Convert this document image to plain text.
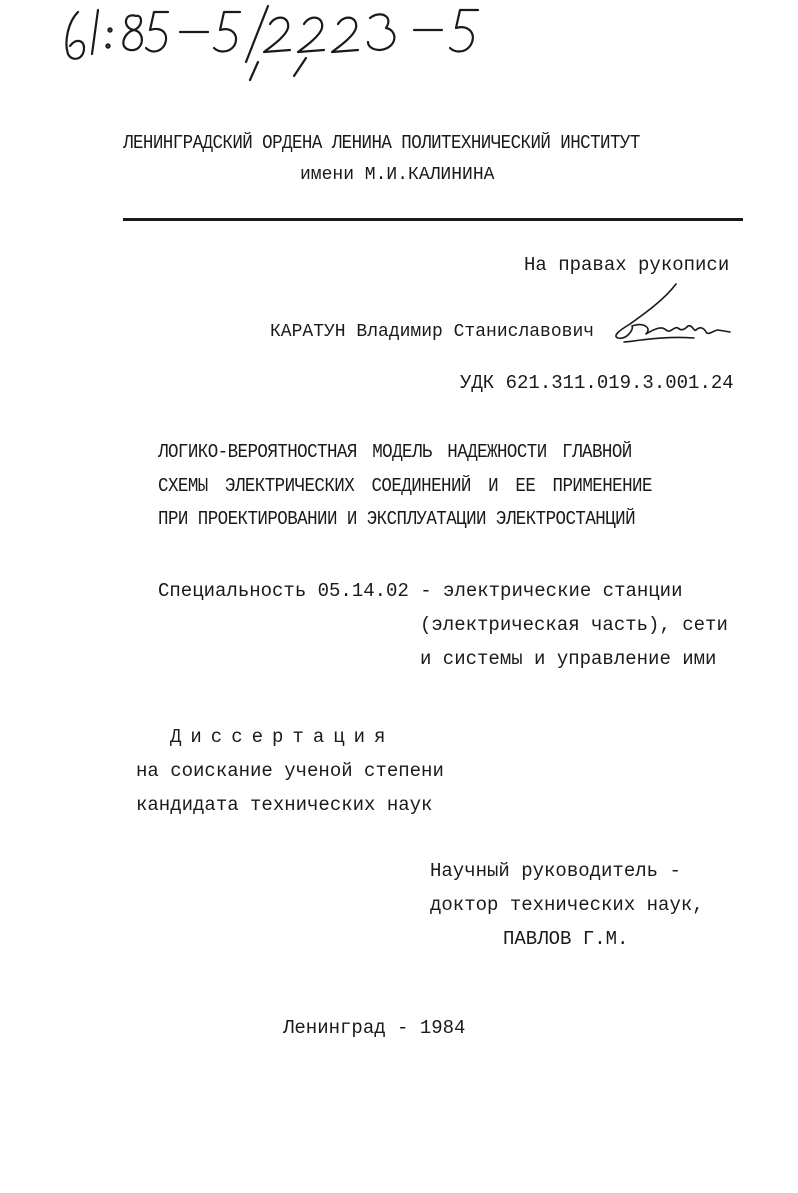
ЛЕНИНГРАДСКИЙ ОРДЕНА ЛЕНИНА ПОЛИТЕХНИЧЕСКИЙ ИНСТИТУТ
имени М.И.КАЛИНИНА
На правах рукописи
КАРАТУН Владимир Станиславович
УДК 621.311.019.3.001.24
ЛОГИКО-ВЕРОЯТНОСТНАЯ МОДЕЛЬ НАДЕЖНОСТИ ГЛАВНОЙ
СХЕМЫ ЭЛЕКТРИЧЕСКИХ СОЕДИНЕНИЙ И ЕЕ ПРИМЕНЕНИЕ
ПРИ ПРОЕКТИРОВАНИИ И ЭКСПЛУАТАЦИИ ЭЛЕКТРОСТАНЦИЙ
Специальность 05.14.02 - электрические станции
(электрическая часть), сети
и системы и управление ими
Диссертация
на соискание ученой степени
кандидата технических наук
Научный руководитель -
доктор технических наук,
ПАВЛОВ Г.М.
Ленинград - 1984
